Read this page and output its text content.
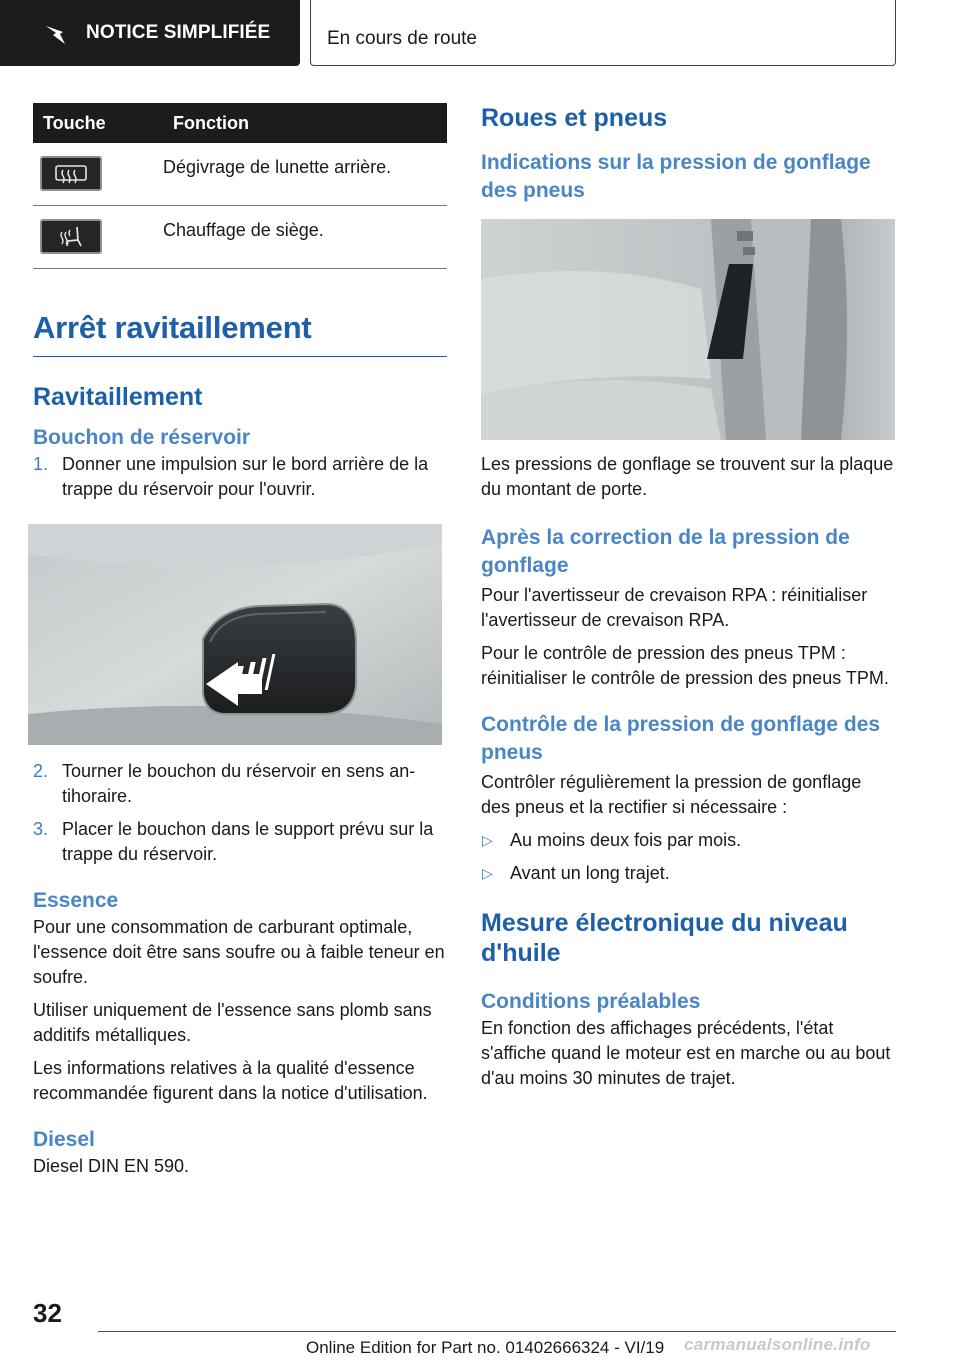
NOTICE SIMPLIFIÉE	En cours de route
Touche	Fonction

	Dégivrage de lunette arrière.

	Chauffage de siège.
Arrêt ravitaillement
Ravitaillement
Bouchon de réservoir
1. Donner une impulsion sur le bord arrière de la trappe du réservoir pour l'ouvrir.
2. Tourner le bouchon du réservoir en sens antihoraire.
3. Placer le bouchon dans le support prévu sur la trappe du réservoir.
Essence

Pour une consommation de carburant optimale, l'essence doit être sans soufre ou à faible teneur en soufre.

Utiliser uniquement de l'essence sans plomb sans additifs métalliques.

Les informations relatives à la qualité d'essence recommandée figurent dans la notice d'utilisation.

Diesel

Diesel DIN EN 590.

Roues et pneus
Indications sur la pression de gonflage des pneus

Les pressions de gonflage se trouvent sur la plaque du montant de porte.

Après la correction de la pression de gonflage

Pour l'avertisseur de crevaison RPA : réinitialiser l'avertisseur de crevaison RPA.

Pour le contrôle de pression des pneus TPM : réinitialiser le contrôle de pression des pneus TPM.

Contrôle de la pression de gonflage des pneus

Contrôler régulièrement la pression de gonflage des pneus et la rectifier si nécessaire :

▷ Au moins deux fois par mois.
▷ Avant un long trajet.
Mesure électronique du niveau d'huile
Conditions préalables

En fonction des affichages précédents, l'état s'affiche quand le moteur est en marche ou au bout d'au moins 30 minutes de trajet.

32
Online Edition for Part no. 01402666324 - VI/19 carmanualsonline.info
